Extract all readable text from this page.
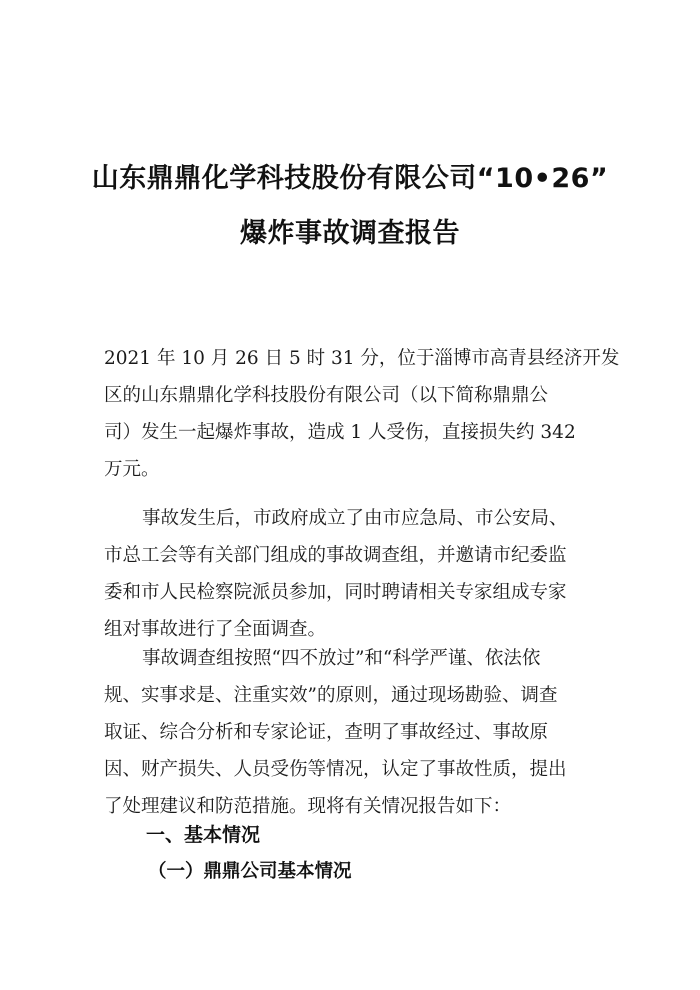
山东鼎鼎化学科技股份有限公司“10•26”
爆炸事故调查报告
2021 年 10 月 26 日 5 时 31 分，位于淄博市高青县经济开发
区的山东鼎鼎化学科技股份有限公司（以下简称鼎鼎公
司）发生一起爆炸事故，造成 1 人受伤，直接损失约 342
万元。
事故发生后，市政府成立了由市应急局、市公安局、
市总工会等有关部门组成的事故调查组，并邀请市纪委监
委和市人民检察院派员参加，同时聘请相关专家组成专家
组对事故进行了全面调查。
事故调查组按照“四不放过”和“科学严谨、依法依
规、实事求是、注重实效”的原则，通过现场勘验、调查
取证、综合分析和专家论证，查明了事故经过、事故原
因、财产损失、人员受伤等情况，认定了事故性质，提出
了处理建议和防范措施。现将有关情况报告如下：
一、基本情况
（一）鼎鼎公司基本情况
